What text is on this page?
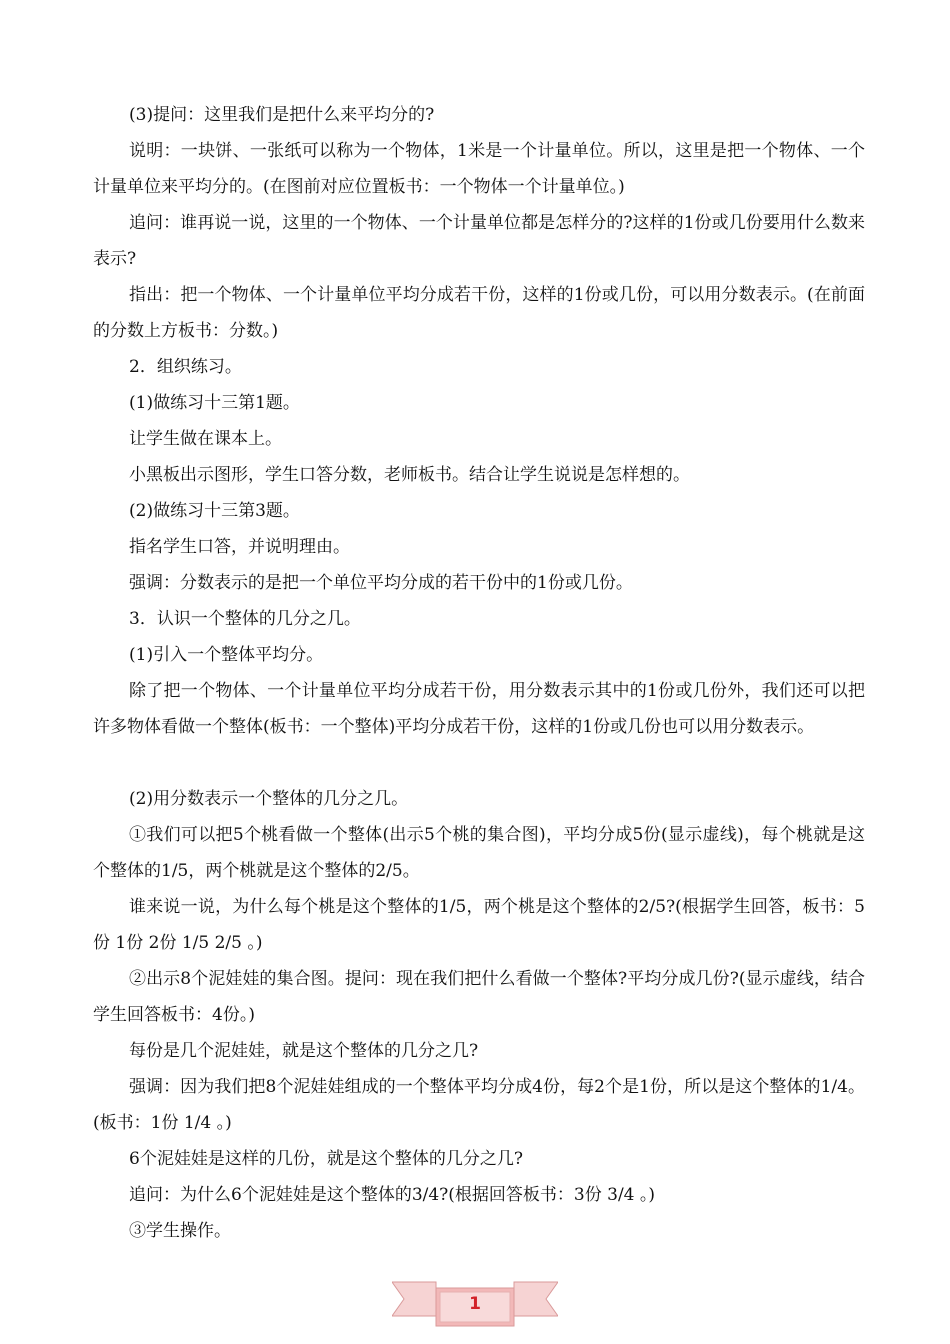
(3)提问：这里我们是把什么来平均分的?

说明：一块饼、一张纸可以称为一个物体，1米是一个计量单位。所以，这里是把一个物体、一个计量单位来平均分的。(在图前对应位置板书：一个物体一个计量单位。)

追问：谁再说一说，这里的一个物体、一个计量单位都是怎样分的?这样的1份或几份要用什么数来表示?

指出：把一个物体、一个计量单位平均分成若干份，这样的1份或几份，可以用分数表示。(在前面的分数上方板书：分数。)

2．组织练习。

(1)做练习十三第1题。

让学生做在课本上。

小黑板出示图形，学生口答分数，老师板书。结合让学生说说是怎样想的。

(2)做练习十三第3题。

指名学生口答，并说明理由。

强调：分数表示的是把一个单位平均分成的若干份中的1份或几份。

3．认识一个整体的几分之几。

(1)引入一个整体平均分。

除了把一个物体、一个计量单位平均分成若干份，用分数表示其中的1份或几份外，我们还可以把许多物体看做一个整体(板书：一个整体)平均分成若干份，这样的1份或几份也可以用分数表示。

(2)用分数表示一个整体的几分之几。

①我们可以把5个桃看做一个整体(出示5个桃的集合图)，平均分成5份(显示虚线)，每个桃就是这个整体的1/5，两个桃就是这个整体的2/5。

谁来说一说，为什么每个桃是这个整体的1/5，两个桃是这个整体的2/5?(根据学生回答，板书：5份 1份 2份 1/5 2/5 。)

②出示8个泥娃娃的集合图。提问：现在我们把什么看做一个整体?平均分成几份?(显示虚线，结合学生回答板书：4份。)

每份是几个泥娃娃，就是这个整体的几分之几?

强调：因为我们把8个泥娃娃组成的一个整体平均分成4份，每2个是1份，所以是这个整体的1/4。(板书：1份 1/4 。)

6个泥娃娃是这样的几份，就是这个整体的几分之几?

追问：为什么6个泥娃娃是这个整体的3/4?(根据回答板书：3份 3/4 。)

③学生操作。

1
